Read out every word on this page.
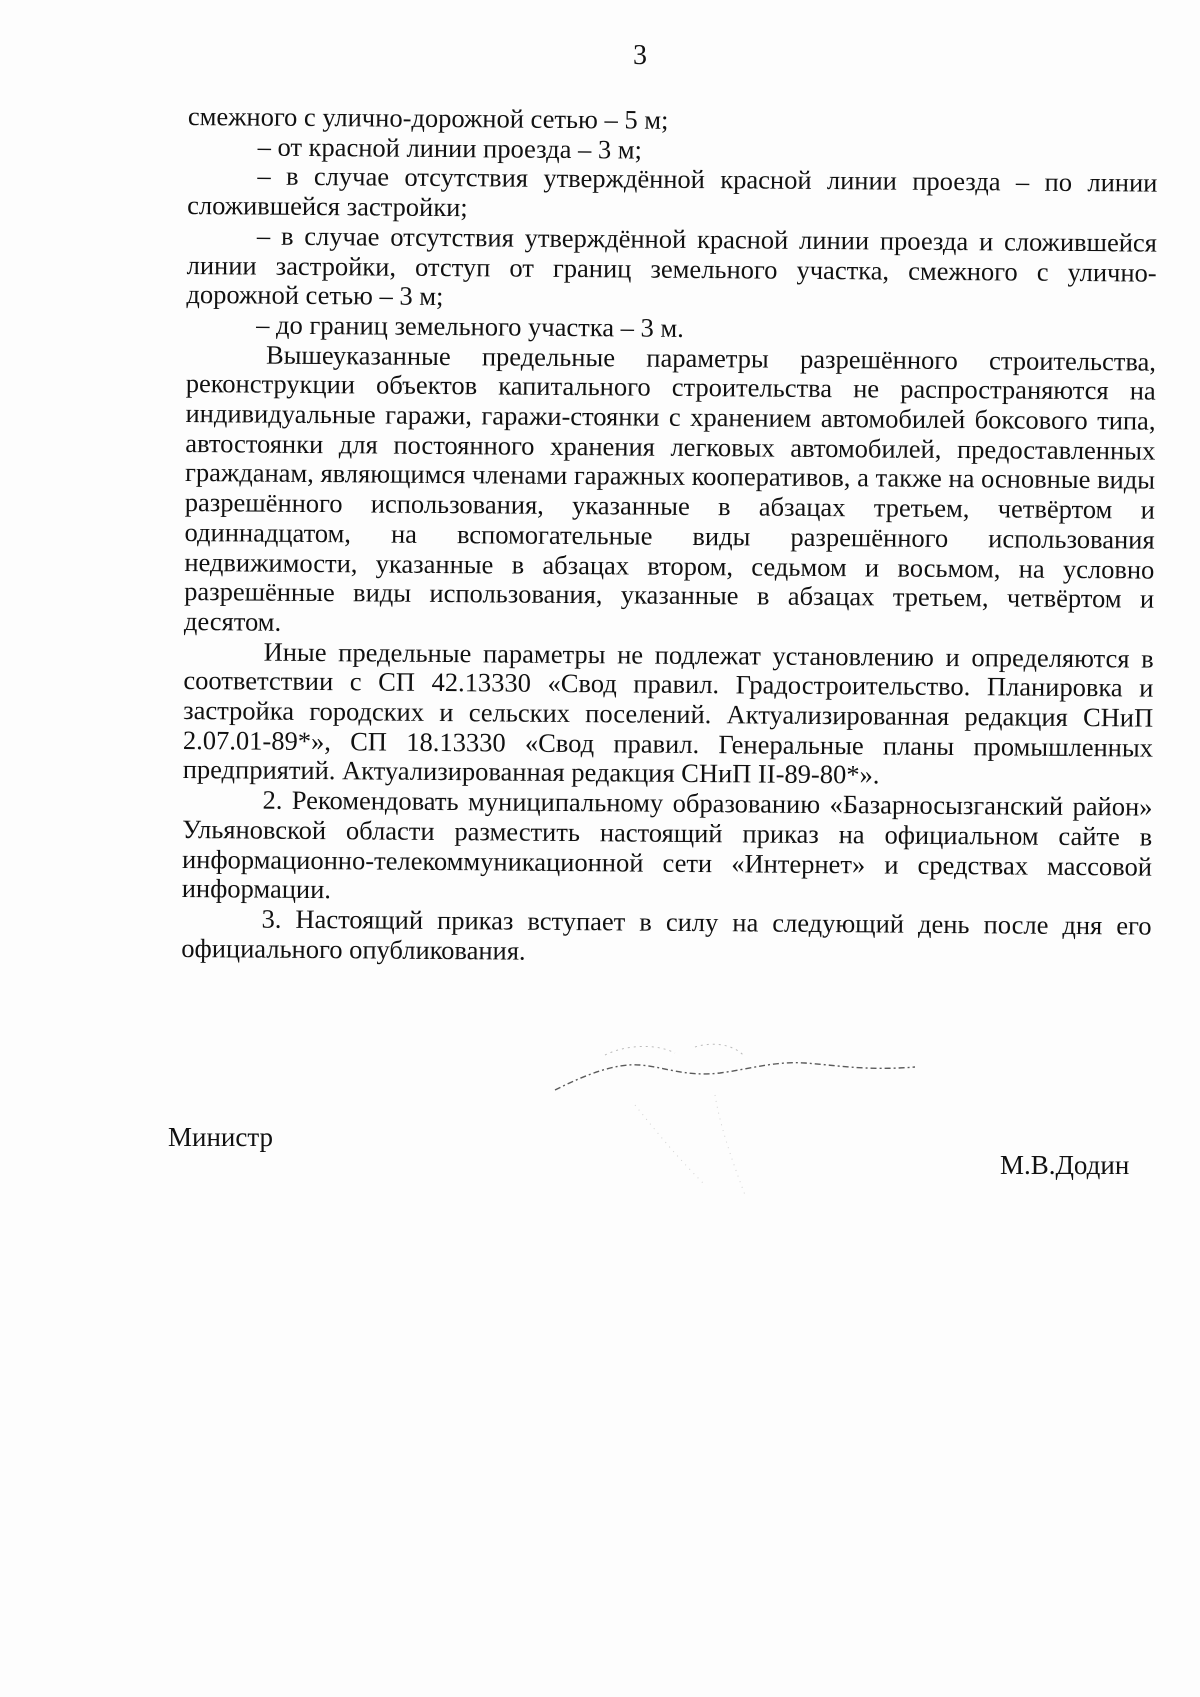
3

смежного с улично-дорожной сетью – 5 м;

– от красной линии проезда – 3 м;

– в случае отсутствия утверждённой красной линии проезда – по линии сложившейся застройки;

– в случае отсутствия утверждённой красной линии проезда и сложившейся линии застройки, отступ от границ земельного участка, смежного с улично-дорожной сетью – 3 м;

– до границ земельного участка – 3 м.

Вышеуказанные предельные параметры разрешённого строительства, реконструкции объектов капитального строительства не распространяются на индивидуальные гаражи, гаражи-стоянки с хранением автомобилей боксового типа, автостоянки для постоянного хранения легковых автомобилей, предоставленных гражданам, являющимся членами гаражных кооперативов, а также на основные виды разрешённого использования, указанные в абзацах третьем, четвёртом и одиннадцатом, на вспомогательные виды разрешённого использования недвижимости, указанные в абзацах втором, седьмом и восьмом, на условно разрешённые виды использования, указанные в абзацах третьем, четвёртом и десятом.

Иные предельные параметры не подлежат установлению и определяются в соответствии с СП 42.13330 «Свод правил. Градостроительство. Планировка и застройка городских и сельских поселений. Актуализированная редакция СНиП 2.07.01-89*», СП 18.13330 «Свод правил. Генеральные планы промышленных предприятий. Актуализированная редакция СНиП II-89-80*».

2. Рекомендовать муниципальному образованию «Базарносызганский район» Ульяновской области разместить настоящий приказ на официальном сайте в информационно-телекоммуникационной сети «Интернет» и средствах массовой информации.

3. Настоящий приказ вступает в силу на следующий день после дня его официального опубликования.

Министр
М.В.Додин
